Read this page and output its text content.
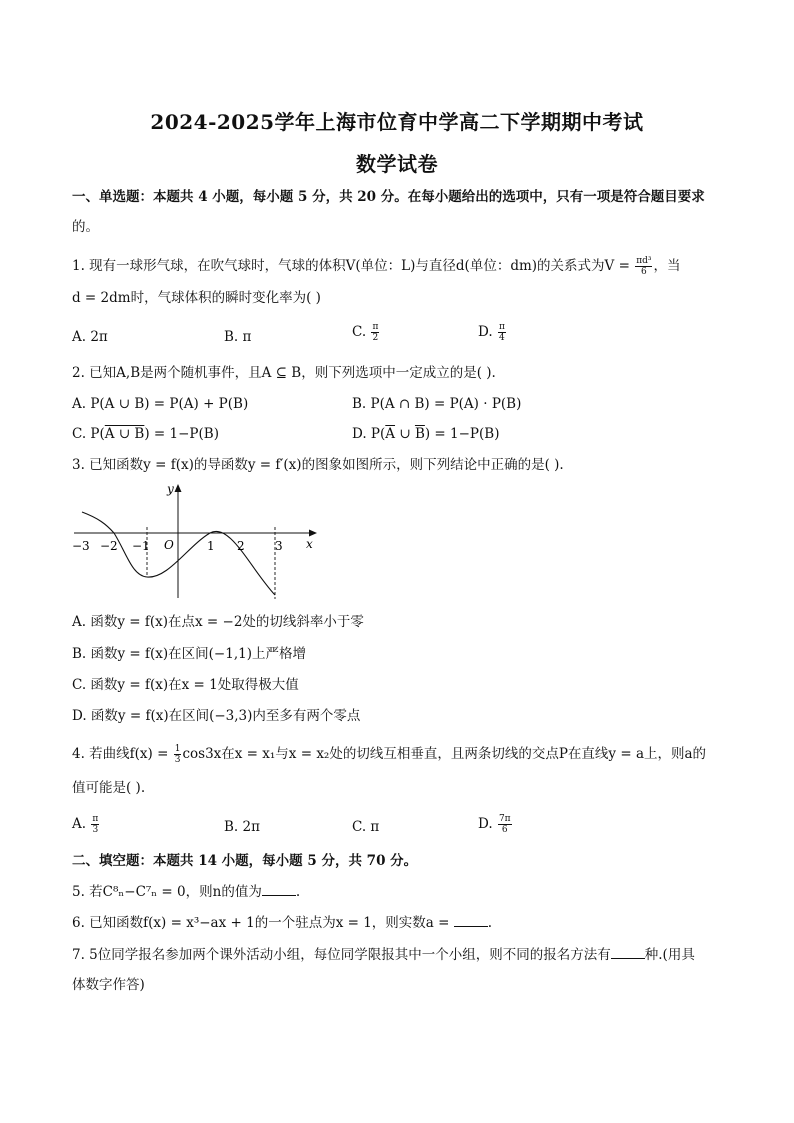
2024-2025学年上海市位育中学高二下学期期中考试
数学试卷
一、单选题：本题共 4 小题，每小题 5 分，共 20 分。在每小题给出的选项中，只有一项是符合题目要求
的。
1. 现有一球形气球，在吹气球时，气球的体积V(单位：L)与直径d(单位：dm)的关系式为$V = \frac{\text{πd³}}{6}$ ，当
d = 2dm时，气球体积的瞬时变化率为( )
A. 2π	B. π	C. $\frac{\pi}{2}$	D. $\frac{\pi}{4}$
2. 已知A,B是两个随机事件，且A ⊆ B，则下列选项中一定成立的是( ).
A. P(A ∪ B) = P(A) + P(B)	B. P(A ∩ B) = P(A) · P(B)
C. P(A ∪ B) = 1−P(B)	D. $P(\overline{A}$ ∪ $\overline{B}) = 1-P(B)$
3. 已知函数y = f(x)的导函数y = f′(x)的图象如图所示，则下列结论中正确的是( ).
y
x
O
−3 −2 −1	1 2	3
A. 函数y = f(x)在点x = −2处的切线斜率小于零
B. 函数y = f(x)在区间(−1,1)上严格增
C. 函数y = f(x)在x = 1处取得极大值
D. 函数y = f(x)在区间(−3,3)内至多有两个零点
4. 若曲线$f(x) = \frac{1}{3} \cos 3x$在x = x₁与x = x₂处的切线互相垂直，且两条切线的交点P在直线y = a上，则a的
值可能是( ).
A. $\frac{\pi}{3}$	B. 2π	C. π	D. $\frac{7\pi}{6}$
二、填空题：本题共 14 小题，每小题 5 分，共 70 分。
5. 若C⁸ₙ−C⁷ₙ = 0，则n的值为	.
6. 已知函数f(x) = x³−ax + 1的一个驻点为x = 1，则实数a =	.
7. 5位同学报名参加两个课外活动小组，每位同学限报其中一个小组，则不同的报名方法有	种.(用具
体数字作答)
